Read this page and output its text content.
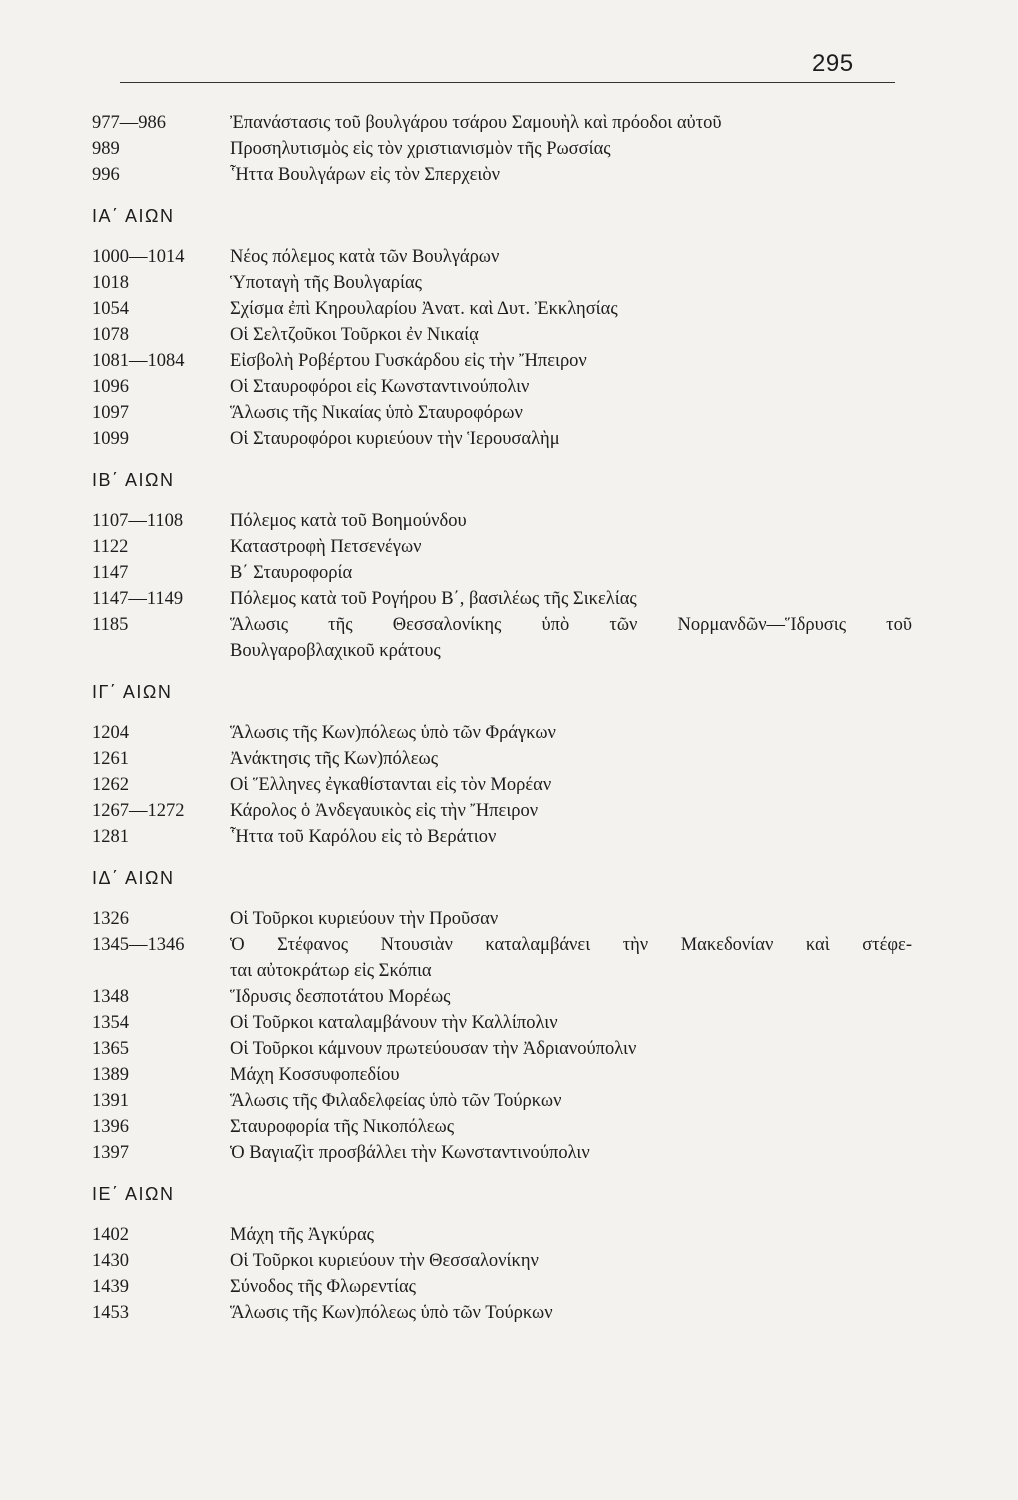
295
977—986	Ἐπανάστασις τοῦ βουλγάρου τσάρου Σαμουὴλ καὶ πρόοδοι αὐτοῦ
989	Προσηλυτισμὸς εἰς τὸν χριστιανισμὸν τῆς Ρωσσίας
996	Ἧττα Βουλγάρων εἰς τὸν Σπερχειὸν
ΙΑ΄ ΑΙΩΝ
1000—1014	Νέος πόλεμος κατὰ τῶν Βουλγάρων
1018	Ὑποταγὴ τῆς Βουλγαρίας
1054	Σχίσμα ἐπὶ Κηρουλαρίου Ἀνατ. καὶ Δυτ. Ἐκκλησίας
1078	Οἱ Σελτζοῦκοι Τοῦρκοι ἐν Νικαίᾳ
1081—1084	Εἰσβολὴ Ροβέρτου Γυσκάρδου εἰς τὴν Ἤπειρον
1096	Οἱ Σταυροφόροι εἰς Κωνσταντινούπολιν
1097	Ἅλωσις τῆς Νικαίας ὑπὸ Σταυροφόρων
1099	Οἱ Σταυροφόροι κυριεύουν τὴν Ἱερουσαλὴμ
ΙΒ΄ ΑΙΩΝ
1107—1108	Πόλεμος κατὰ τοῦ Βοημούνδου
1122	Καταστροφὴ Πετσενέγων
1147	Β΄ Σταυροφορία
1147—1149	Πόλεμος κατὰ τοῦ Ρογήρου Β΄, βασιλέως τῆς Σικελίας
1185	Ἅλωσις τῆς Θεσσαλονίκης ὑπὸ τῶν Νορμανδῶν—Ἵδρυσις τοῦ
Βουλγαροβλαχικοῦ κράτους
ΙΓ΄ ΑΙΩΝ
1204	Ἅλωσις τῆς Κων)πόλεως ὑπὸ τῶν Φράγκων
1261	Ἀνάκτησις τῆς Κων)πόλεως
1262	Οἱ Ἕλληνες ἐγκαθίστανται εἰς τὸν Μορέαν
1267—1272	Κάρολος ὁ Ἀνδεγαυικὸς εἰς τὴν Ἤπειρον
1281	Ἧττα τοῦ Καρόλου εἰς τὸ Βεράτιον
ΙΔ΄ ΑΙΩΝ
1326	Οἱ Τοῦρκοι κυριεύουν τὴν Προῦσαν
1345—1346	Ὁ Στέφανος Ντουσιὰν καταλαμβάνει τὴν Μακεδονίαν καὶ στέφε-
ται αὐτοκράτωρ εἰς Σκόπια
1348	Ἵδρυσις δεσποτάτου Μορέως
1354	Οἱ Τοῦρκοι καταλαμβάνουν τὴν Καλλίπολιν
1365	Οἱ Τοῦρκοι κάμνουν πρωτεύουσαν τὴν Ἀδριανούπολιν
1389	Μάχη Κοσσυφοπεδίου
1391	Ἅλωσις τῆς Φιλαδελφείας ὑπὸ τῶν Τούρκων
1396	Σταυροφορία τῆς Νικοπόλεως
1397	Ὁ Βαγιαζὶτ προσβάλλει τὴν Κωνσταντινούπολιν
ΙΕ΄ ΑΙΩΝ
1402	Μάχη τῆς Ἀγκύρας
1430	Οἱ Τοῦρκοι κυριεύουν τὴν Θεσσαλονίκην
1439	Σύνοδος τῆς Φλωρεντίας
1453	Ἅλωσις τῆς Κων)πόλεως ὑπὸ τῶν Τούρκων
